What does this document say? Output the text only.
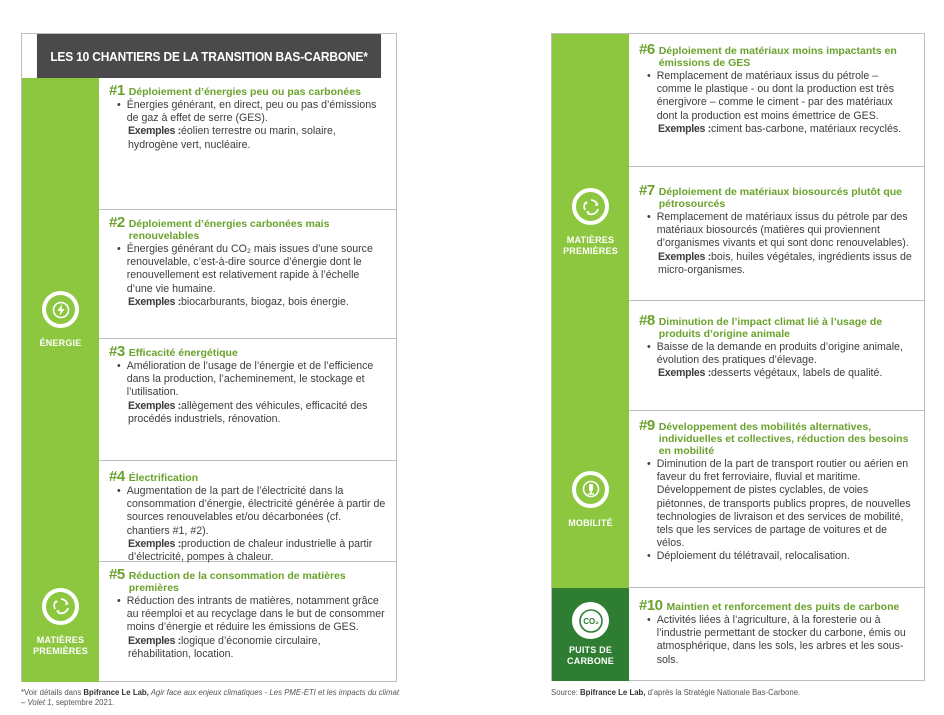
LES 10 CHANTIERS DE LA TRANSITION BAS-CARBONE*
ÉNERGIE
MATIÈRES PREMIÈRES
#1 Déploiement d’énergies peu ou pas carbonées
• Énergies générant, en direct, peu ou pas d’émissions de gaz à effet de serre (GES).
Exemples :éolien terrestre ou marin, solaire, hydrogène vert, nucléaire.
#2 Déploiement d’énergies carbonées mais renouvelables
• Énergies générant du CO₂ mais issues d’une source renouvelable, c’est-à-dire source d’énergie dont le renouvellement est relativement rapide à l’échelle d’une vie humaine.
Exemples :biocarburants, biogaz, bois énergie.
#3 Efficacité énergétique
• Amélioration de l’usage de l’énergie et de l’efficience dans la production, l’acheminement, le stockage et l’utilisation.
Exemples :allègement des véhicules, efficacité des procédés industriels, rénovation.
#4 Électrification
• Augmentation de la part de l’électricité dans la consommation d’énergie, électricité générée à partir de sources renouvelables et/ou décarbonées (cf. chantiers #1, #2).
Exemples :production de chaleur industrielle à partir d’électricité, pompes à chaleur.
#5 Réduction de la consommation de matières premières
• Réduction des intrants de matières, notamment grâce au réemploi et au recyclage dans le but de consommer moins d’énergie et réduire les émissions de GES.
Exemples :logique d’économie circulaire, réhabilitation, location.
*Voir détails dans Bpifrance Le Lab, Agir face aux enjeux climatiques - Les PME-ETI et les impacts du climat – Volet 1, septembre 2021.
MATIÈRES PREMIÈRES
MOBILITÉ
CO₂
PUITS DE CARBONE
#6 Déploiement de matériaux moins impactants en émissions de GES
• Remplacement de matériaux issus du pétrole – comme le plastique - ou dont la production est très énergivore – comme le ciment - par des matériaux dont la production est moins émettrice de GES.
Exemples :ciment bas-carbone, matériaux recyclés.
#7 Déploiement de matériaux biosourcés plutôt que pétrosourcés
• Remplacement de matériaux issus du pétrole par des matériaux biosourcés (matières qui proviennent d’organismes vivants et qui sont donc renouvelables).
Exemples :bois, huiles végétales, ingrédients issus de micro-organismes.
#8 Diminution de l’impact climat lié à l’usage de produits d’origine animale
• Baisse de la demande en produits d’origine animale, évolution des pratiques d’élevage.
Exemples :desserts végétaux, labels de qualité.
#9 Développement des mobilités alternatives, individuelles et collectives, réduction des besoins en mobilité
• Diminution de la part de transport routier ou aérien en faveur du fret ferroviaire, fluvial et maritime. Développement de pistes cyclables, de voies piétonnes, de transports publics propres, de nouvelles technologies de livraison et des services de mobilité, tels que les services de partage de voitures et de vélos.
• Déploiement du télétravail, relocalisation.
#10 Maintien et renforcement des puits de carbone
• Activités liées à l’agriculture, à la foresterie ou à l’industrie permettant de stocker du carbone, émis ou atmosphérique, dans les sols, les arbres et les sous-sols.
Source: Bpifrance Le Lab, d’après la Stratégie Nationale Bas-Carbone.
